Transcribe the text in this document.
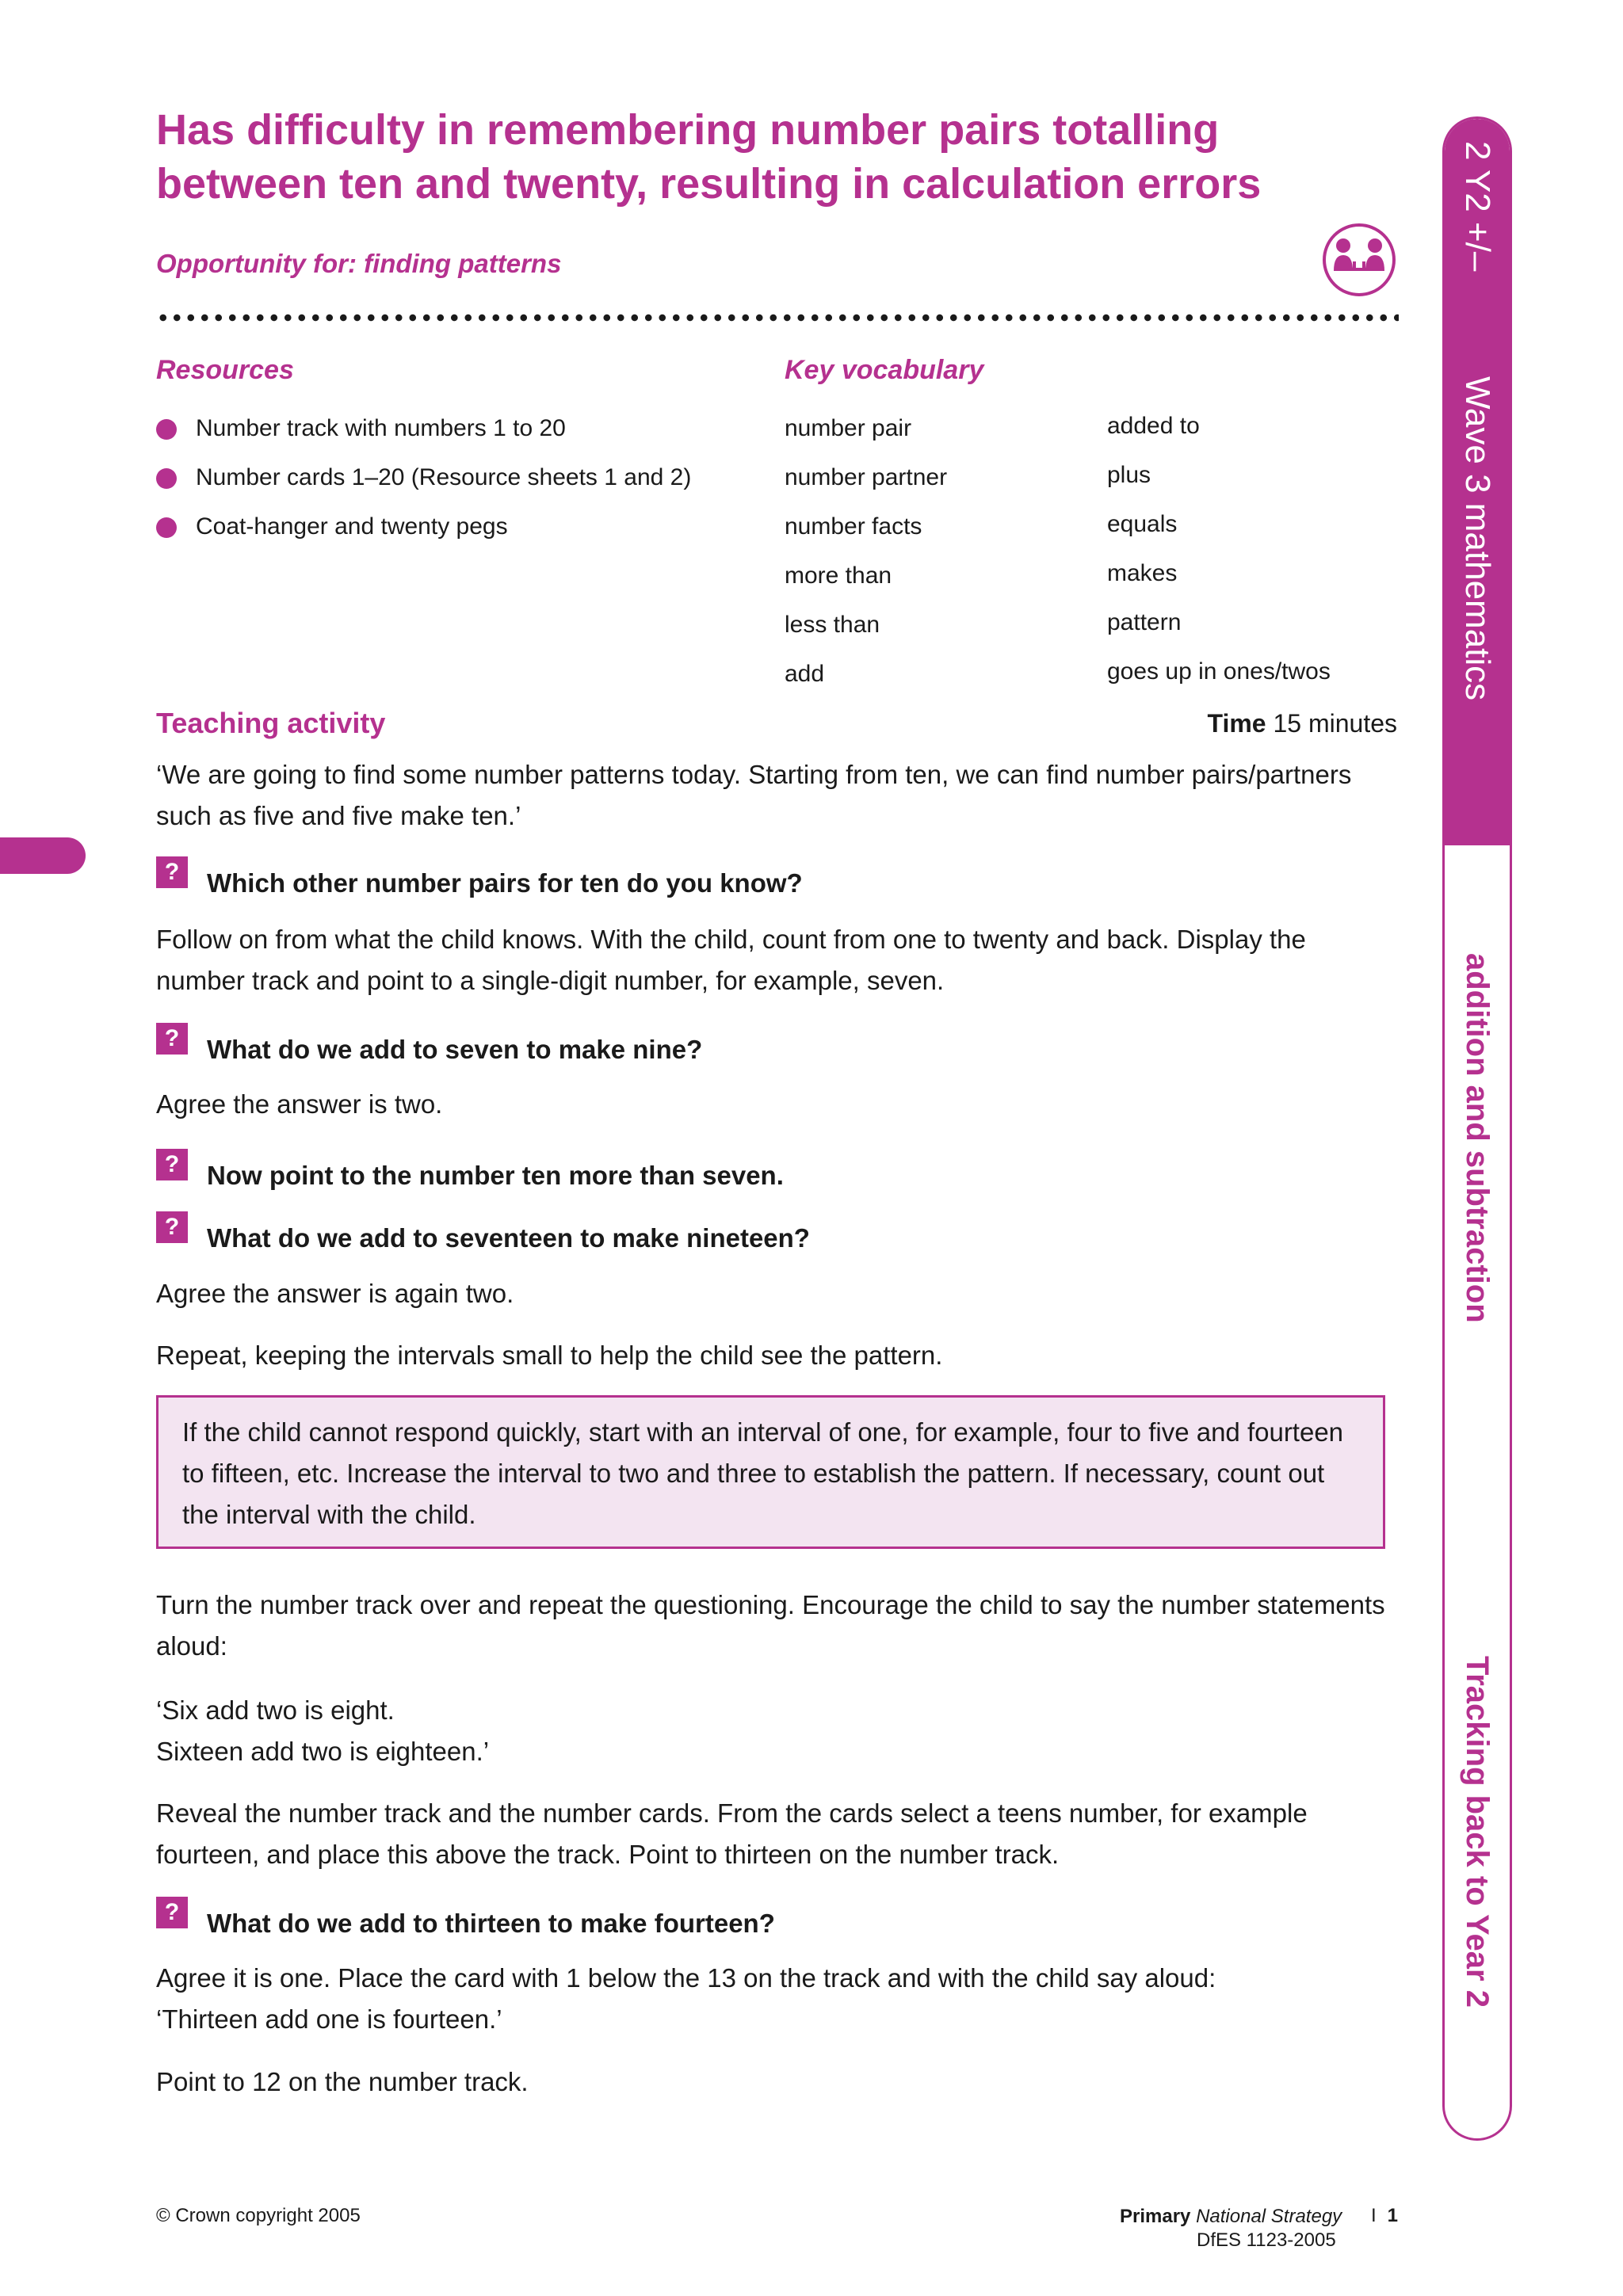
Has difficulty in remembering number pairs totalling between ten and twenty, resulting in calculation errors
Opportunity for: finding patterns
Resources
Number track with numbers 1 to 20
Number cards 1–20 (Resource sheets 1 and 2)
Coat-hanger and twenty pegs
Key vocabulary
number pair
number partner
number facts
more than
less than
add
added to
plus
equals
makes
pattern
goes up in ones/twos
Teaching activity	Time 15 minutes

‘We are going to find some number patterns today. Starting from ten, we can find number pairs/partners such as five and five make ten.’

? Which other number pairs for ten do you know?

Follow on from what the child knows. With the child, count from one to twenty and back. Display the number track and point to a single-digit number, for example, seven.

? What do we add to seven to make nine?

Agree the answer is two.

? Now point to the number ten more than seven.
? What do we add to seventeen to make nineteen?

Agree the answer is again two.

Repeat, keeping the intervals small to help the child see the pattern.

If the child cannot respond quickly, start with an interval of one, for example, four to five and fourteen to fifteen, etc. Increase the interval to two and three to establish the pattern. If necessary, count out the interval with the child.

Turn the number track over and repeat the questioning. Encourage the child to say the number statements aloud:

‘Six add two is eight.

Sixteen add two is eighteen.’

Reveal the number track and the number cards. From the cards select a teens number, for example fourteen, and place this above the track. Point to thirteen on the number track.

? What do we add to thirteen to make fourteen?

Agree it is one. Place the card with 1 below the 13 on the track and with the child say aloud:

‘Thirteen add one is fourteen.’

Point to 12 on the number track.

2 Y2 +/–
Wave 3 mathematics
addition and subtraction
Tracking back to Year 2
© Crown copyright 2005	Primary National Strategy
DfES 1123-2005
I 1
